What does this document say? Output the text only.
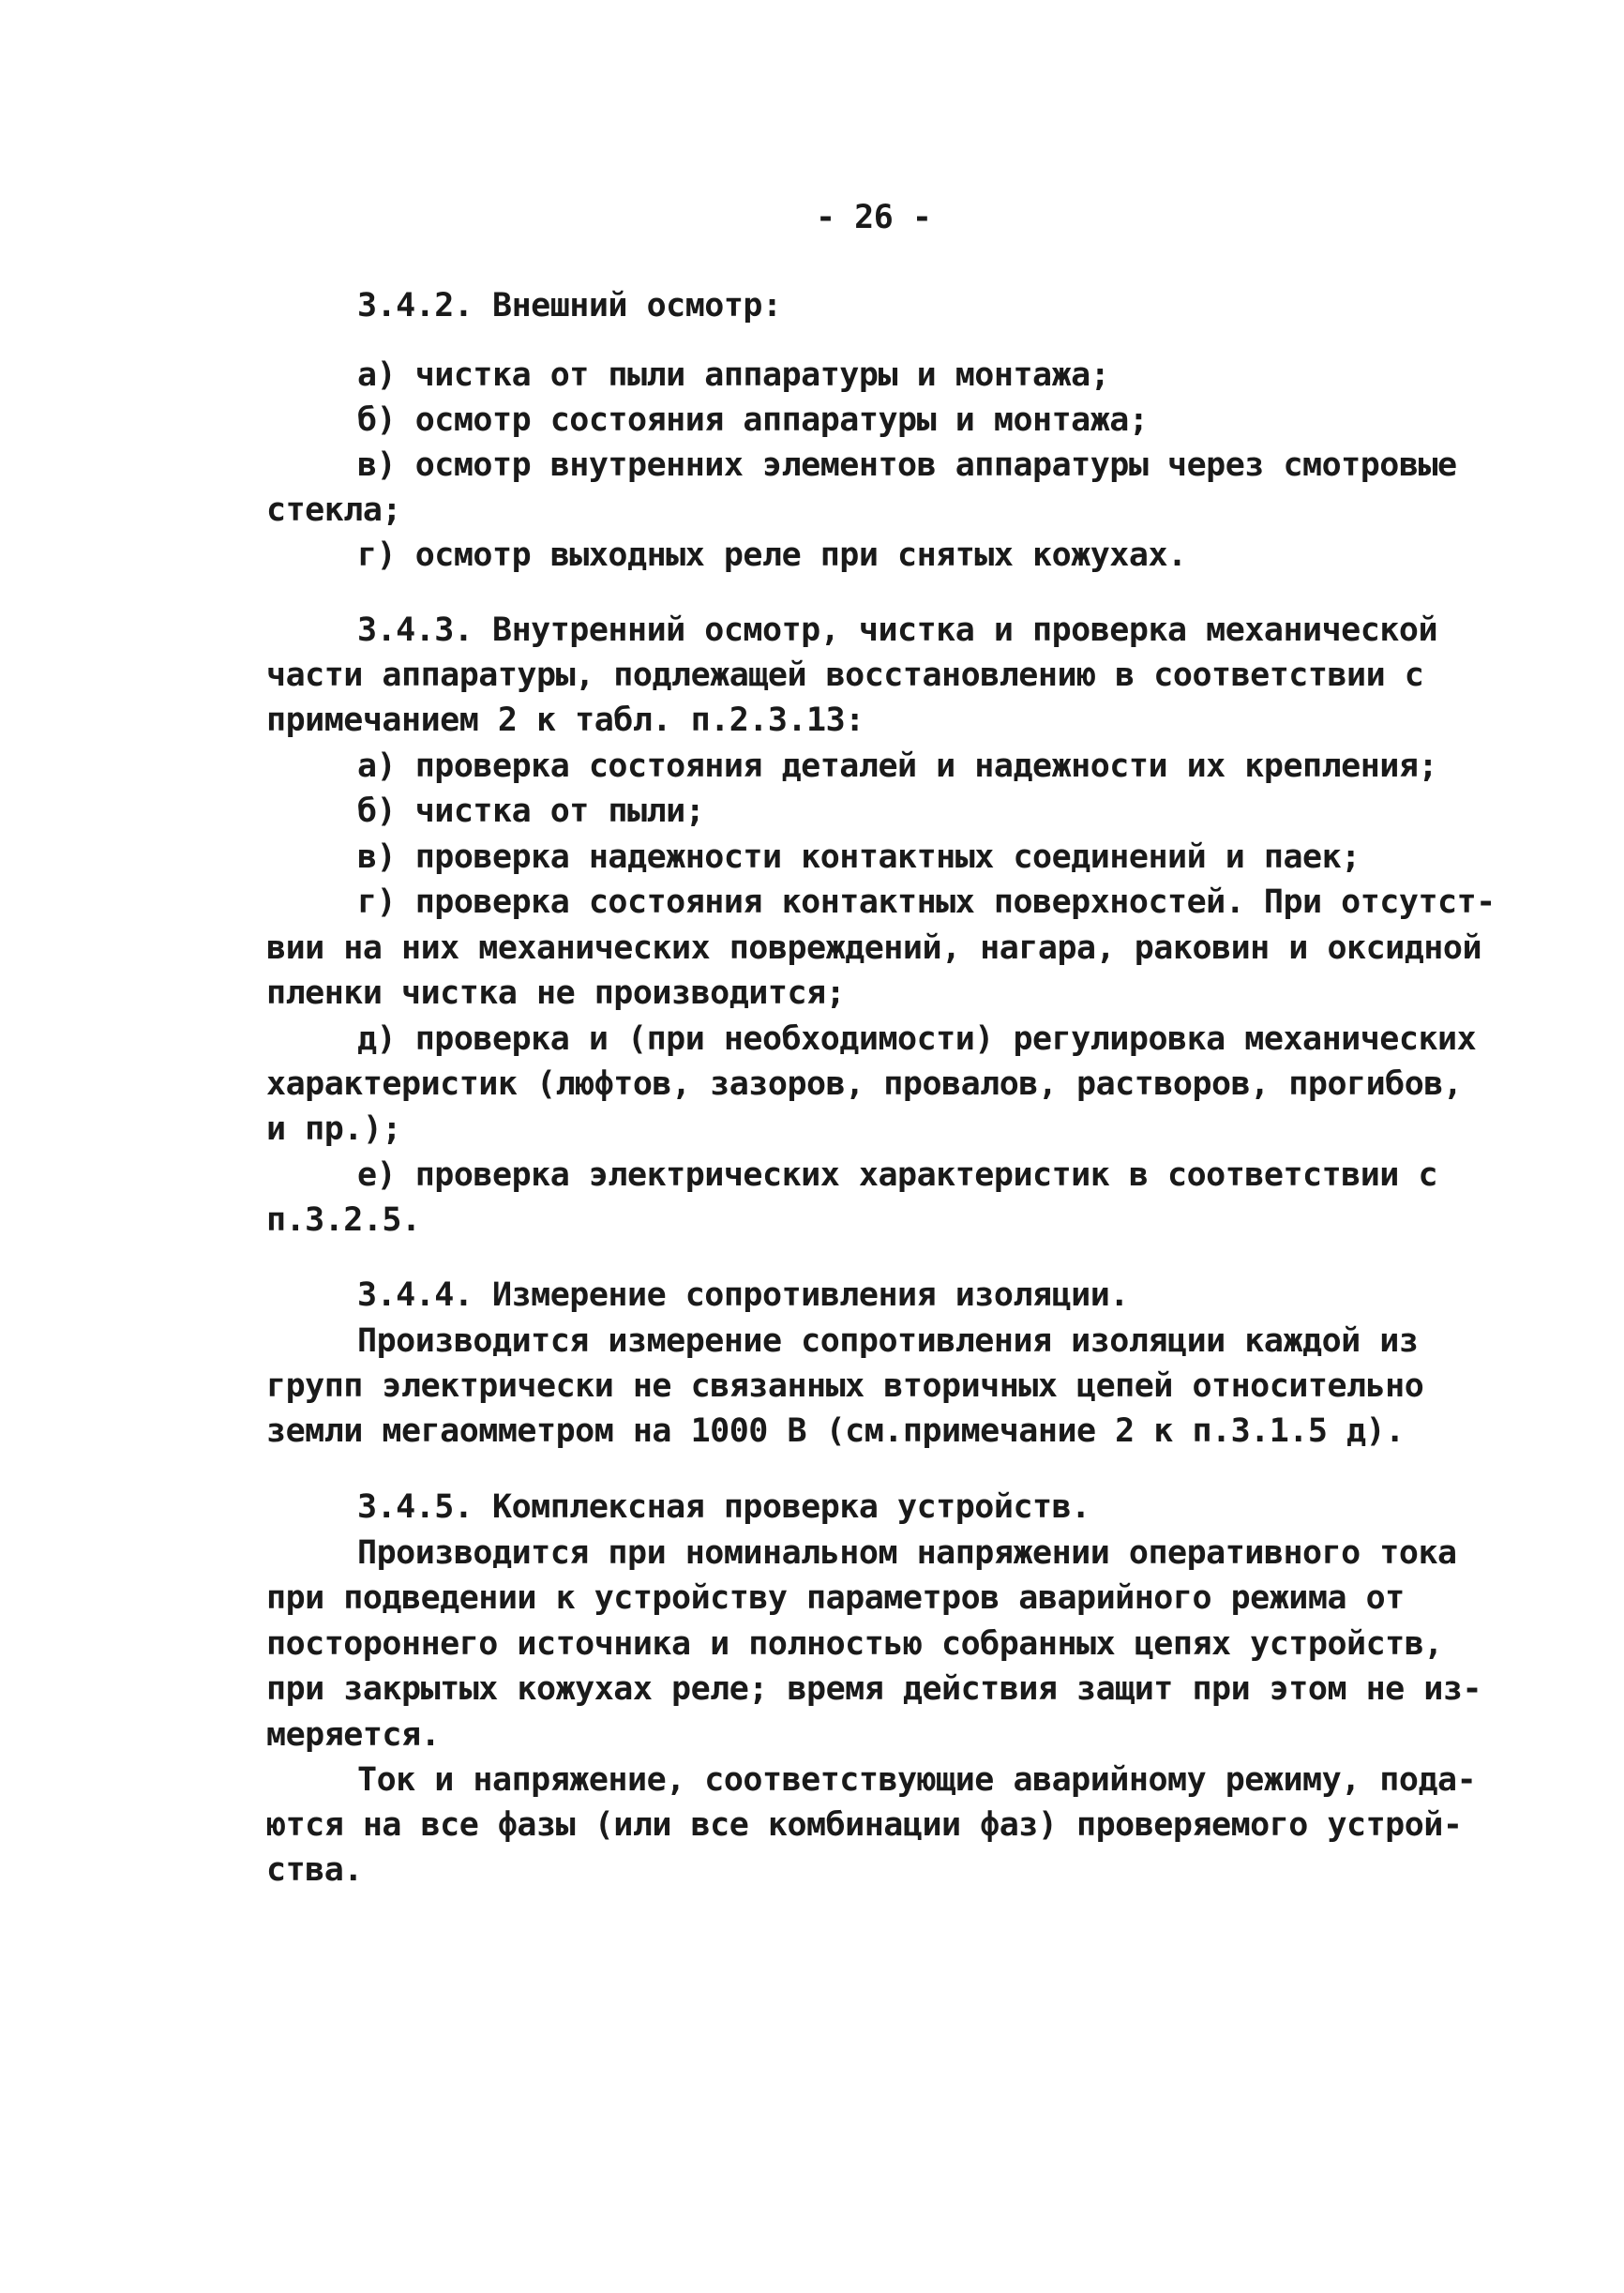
- 26 -
3.4.2. Внешний осмотр:
а) чистка от пыли аппаратуры и монтажа;
б) осмотр состояния аппаратуры и монтажа;
в) осмотр внутренних элементов аппаратуры через смотровые
стекла;
г) осмотр выходных реле при снятых кожухах.
3.4.3. Внутренний осмотр, чистка и проверка механической
части аппаратуры, подлежащей восстановлению в соответствии с
примечанием 2 к табл. п.2.3.13:
а) проверка состояния деталей и надежности их крепления;
б) чистка от пыли;
в) проверка надежности контактных соединений и паек;
г) проверка состояния контактных поверхностей. При отсутст-
вии на них механических повреждений, нагара, раковин и оксидной
пленки чистка не производится;
д) проверка и (при необходимости) регулировка механических
характеристик (люфтов, зазоров, провалов, растворов, прогибов,
и пр.);
е) проверка электрических характеристик в соответствии с
п.3.2.5.
3.4.4. Измерение сопротивления изоляции.
Производится измерение сопротивления изоляции каждой из
групп электрически не связанных вторичных цепей относительно
земли мегаомметром на 1000 В (см.примечание 2 к п.3.1.5 д).
3.4.5. Комплексная проверка устройств.
Производится при номинальном напряжении оперативного тока
при подведении к устройству параметров аварийного режима от
постороннего источника и полностью собранных цепях устройств,
при закрытых кожухах реле; время действия защит при этом не из-
меряется.
Ток и напряжение, соответствующие аварийному режиму, пода-
ются на все фазы (или все комбинации фаз) проверяемого устрой-
ства.
